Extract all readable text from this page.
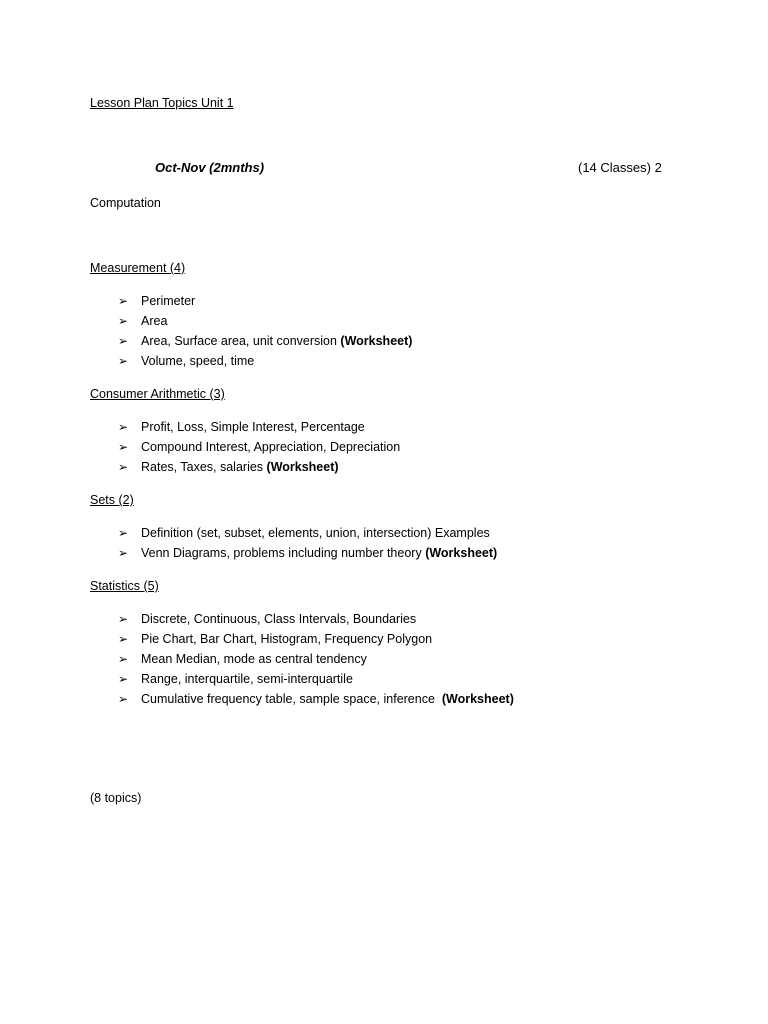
Lesson Plan Topics Unit 1
Oct-Nov (2mnths)	(14 Classes) 2
Computation
Measurement (4)
➢ Perimeter
➢ Area
➢ Area, Surface area, unit conversion (Worksheet)
➢ Volume, speed, time
Consumer Arithmetic (3)
➢ Profit, Loss, Simple Interest, Percentage
➢ Compound Interest, Appreciation, Depreciation
➢ Rates, Taxes, salaries (Worksheet)
Sets (2)
➢ Definition (set, subset, elements, union, intersection) Examples
➢ Venn Diagrams, problems including number theory (Worksheet)
Statistics (5)
➢ Discrete, Continuous, Class Intervals, Boundaries
➢ Pie Chart, Bar Chart, Histogram, Frequency Polygon
➢ Mean Median, mode as central tendency
➢ Range, interquartile, semi-interquartile
➢ Cumulative frequency table, sample space, inference  (Worksheet)
(8 topics)
